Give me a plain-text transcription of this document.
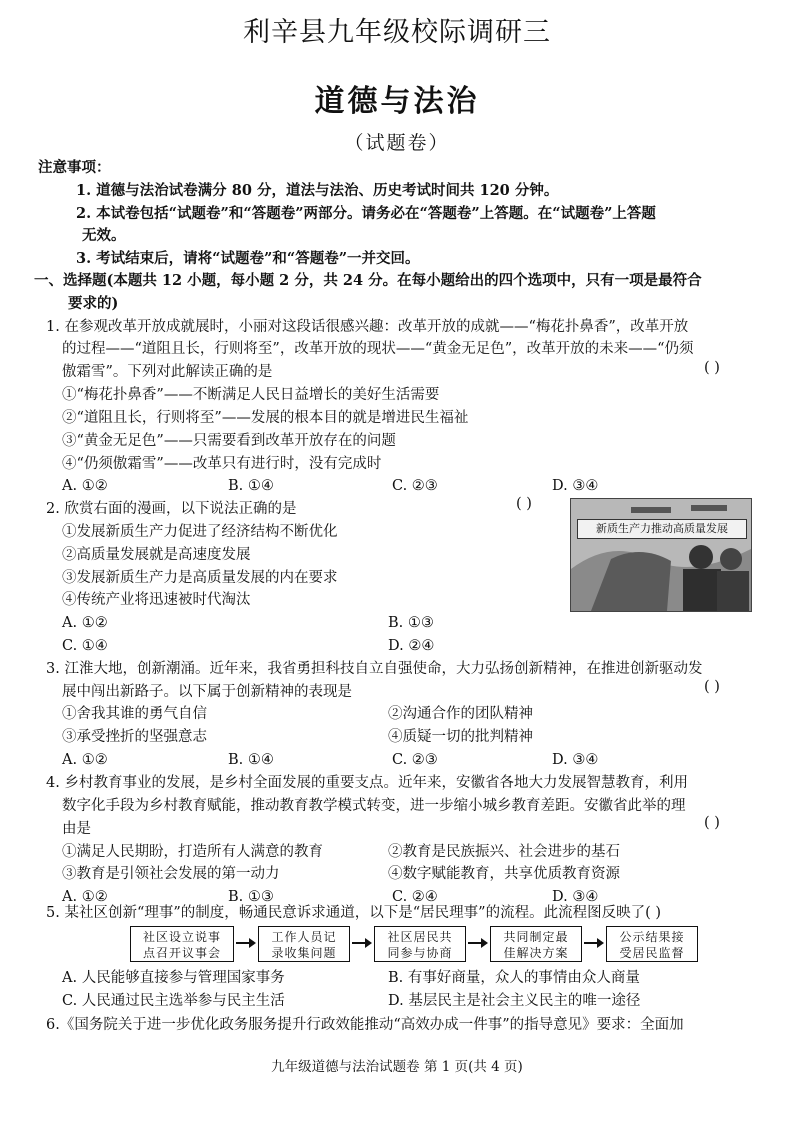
利辛县九年级校际调研三
道德与法治
（试题卷）
注意事项：
1. 道德与法治试卷满分 80 分，道法与法治、历史考试时间共 120 分钟。
2. 本试卷包括“试题卷”和“答题卷”两部分。请务必在“答题卷”上答题。在“试题卷”上答题
无效。
3. 考试结束后，请将“试题卷”和“答题卷”一并交回。
一、选择题(本题共 12 小题，每小题 2 分，共 24 分。在每小题给出的四个选项中，只有一项是最符合
要求的)
1. 在参观改革开放成就展时，小丽对这段话很感兴趣：改革开放的成就——“梅花扑鼻香”，改革开放
的过程——“道阻且长，行则将至”，改革开放的现状——“黄金无足色”，改革开放的未来——“仍须
傲霜雪”。下列对此解读正确的是	( )
①“梅花扑鼻香”——不断满足人民日益增长的美好生活需要
②“道阻且长，行则将至”——发展的根本目的就是增进民生福祉
③“黄金无足色”——只需要看到改革开放存在的问题
④“仍须傲霜雪”——改革只有进行时，没有完成时
A. ①②	B. ①④	C. ②③	D. ③④
2. 欣赏右面的漫画，以下说法正确的是	( )
①发展新质生产力促进了经济结构不断优化
②高质量发展就是高速度发展
③发展新质生产力是高质量发展的内在要求
④传统产业将迅速被时代淘汰
A. ①②	B. ①③
C. ①④	D. ②④
新质生产力推动高质量发展
3. 江淮大地，创新潮涌。近年来，我省勇担科技自立自强使命，大力弘扬创新精神，在推进创新驱动发
展中闯出新路子。以下属于创新精神的表现是	( )
①舍我其谁的勇气自信	②沟通合作的团队精神
③承受挫折的坚强意志	④质疑一切的批判精神
A. ①②	B. ①④	C. ②③	D. ③④
4. 乡村教育事业的发展，是乡村全面发展的重要支点。近年来，安徽省各地大力发展智慧教育，利用
数字化手段为乡村教育赋能，推动教育教学模式转变，进一步缩小城乡教育差距。安徽省此举的理
由是	( )
①满足人民期盼，打造所有人满意的教育	②教育是民族振兴、社会进步的基石
③教育是引领社会发展的第一动力	④数字赋能教育，共享优质教育资源
A. ①②	B. ①③	C. ②④	D. ③④
5. 某社区创新“理事”的制度，畅通民意诉求通道，以下是“居民理事”的流程。此流程图反映了( )
社区设立说事
点召开议事会
工作人员记
录收集问题
社区居民共
同参与协商
共同制定最
佳解决方案
公示结果接
受居民监督
A. 人民能够直接参与管理国家事务	B. 有事好商量，众人的事情由众人商量
C. 人民通过民主选举参与民主生活	D. 基层民主是社会主义民主的唯一途径
6.《国务院关于进一步优化政务服务提升行政效能推动“高效办成一件事”的指导意见》要求：全面加
九年级道德与法治试题卷 第 1 页(共 4 页)
